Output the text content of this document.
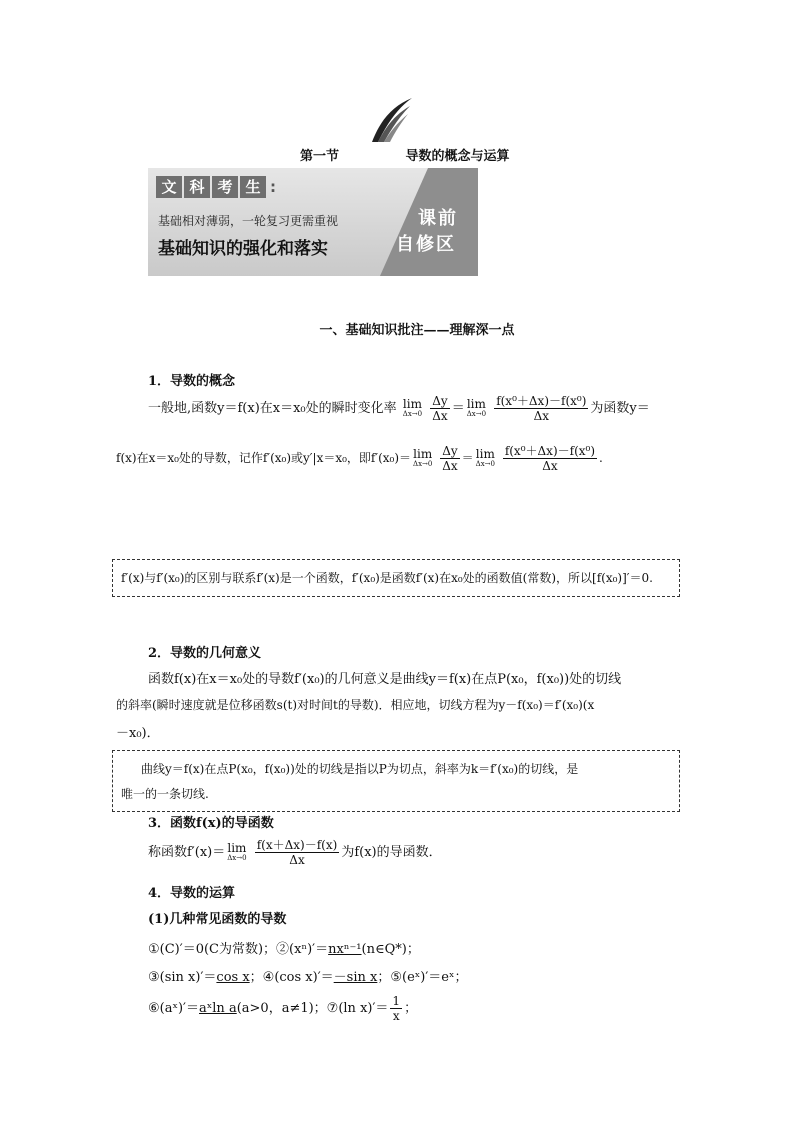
第一节	导数的概念与运算
文 科 考 生 :
基础相对薄弱，一轮复习更需重视
基础知识的强化和落实
课前
自修区
一、基础知识批注——理解深一点
1．导数的概念
一般地,函数y＝f(x)在x＝x₀处的瞬时变化率 lim
Δx→0
$\frac{\Delta y}{\Delta x} = \lim$
Δx→0
$\frac{\text{f(x⁰＋Δx)－f(x⁰)}}{\Delta x}$ 为函数y＝
f(x)在x＝x₀处的导数，记作f′(x₀)或y′|x＝x₀，即f′(x₀)＝ lim
Δx→0
$\frac{\Delta y}{\Delta x} = \lim$
Δx→0
$\frac{\text{f(x⁰＋Δx)－f(x⁰)}}{\Delta x}$ .
f′(x)与f′(x₀)的区别与联系f′(x)是一个函数，f′(x₀)是函数f′(x)在x₀处的函数值(常数)，所以[f(x₀)]′＝0.
2．导数的几何意义
函数f(x)在x＝x₀处的导数f′(x₀)的几何意义是曲线y＝f(x)在点P(x₀，f(x₀))处的切线
的斜率(瞬时速度就是位移函数s(t)对时间t的导数)．相应地，切线方程为y－f(x₀)＝f′(x₀)(x
－x₀)．
曲线y＝f(x)在点P(x₀，f(x₀))处的切线是指以P为切点，斜率为k＝f′(x₀)的切线，是
唯一的一条切线.
3．函数f(x)的导函数
称函数f′(x)＝ lim
Δx→0
$\frac{f(x+\Delta x)-f(x)}{\Delta x}$ 为f(x)的导函数．
4．导数的运算
(1)几种常见函数的导数
①(C)′＝0(C为常数)；②(xⁿ)′＝nxⁿ⁻¹(n∈Q*)；
③(sin x)′＝cos x；④(cos x)′＝－sin x；⑤(eˣ)′＝eˣ；
⑥(aˣ)′＝aˣln a(a>0，a≠1)；⑦(ln $x)'= \frac{1}{x}$ ；
